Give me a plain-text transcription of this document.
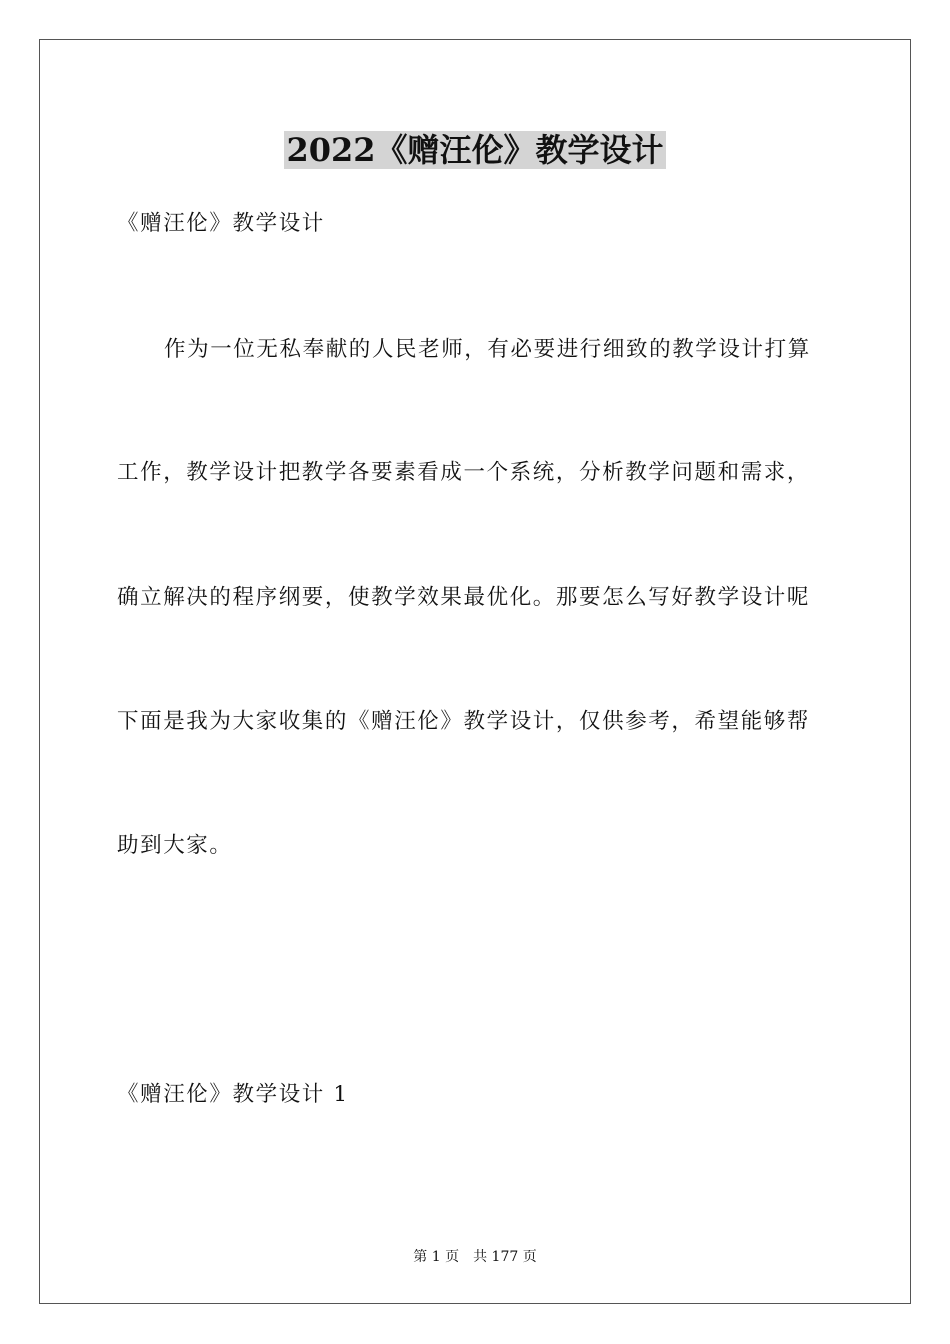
2022《赠汪伦》教学设计
《赠汪伦》教学设计
作为一位无私奉献的人民老师，有必要进行细致的教学设计打算
工作，教学设计把教学各要素看成一个系统，分析教学问题和需求，
确立解决的程序纲要，使教学效果最优化。那要怎么写好教学设计呢
下面是我为大家收集的《赠汪伦》教学设计，仅供参考，希望能够帮
助到大家。
《赠汪伦》教学设计 1
第 1 页 共 177 页
